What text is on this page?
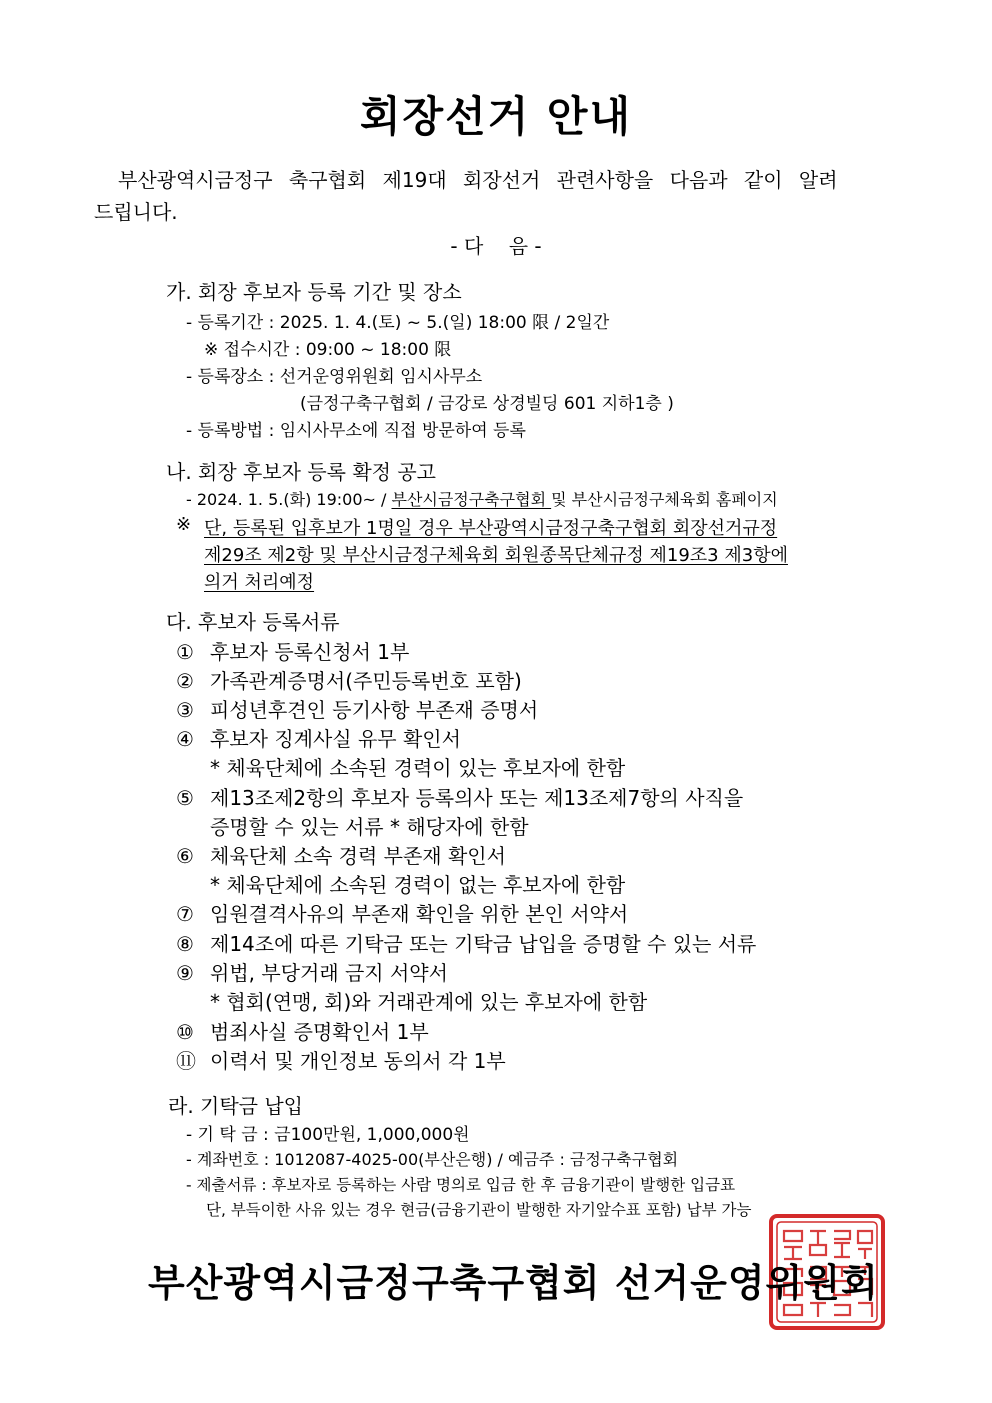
회장선거 안내
부산광역시금정구 축구협회 제19대 회장선거 관련사항을 다음과 같이 알려
드립니다.
- 다    음 -
가. 회장 후보자 등록 기간 및 장소
- 등록기간 : 2025. 1. 4.(토) ~ 5.(일) 18:00 限 / 2일간
※ 접수시간 : 09:00 ~ 18:00 限
- 등록장소 : 선거운영위원회 임시사무소
(금정구축구협회 / 금강로 상경빌딩 601 지하1층 )
- 등록방법 : 임시사무소에 직접 방문하여 등록
나. 회장 후보자 등록 확정 공고
- 2024. 1. 5.(화) 19:00~ / 부산시금정구축구협회 및 부산시금정구체육회 홈페이지
※ 단, 등록된 입후보가 1명일 경우 부산광역시금정구축구협회 회장선거규정
제29조 제2항 및 부산시금정구체육회 회원종목단체규정 제19조3 제3항에
의거 처리예정
다. 후보자 등록서류
① 후보자 등록신청서 1부
② 가족관계증명서(주민등록번호 포함)
③ 피성년후견인 등기사항 부존재 증명서
④ 후보자 징계사실 유무 확인서
* 체육단체에 소속된 경력이 있는 후보자에 한함
⑤ 제13조제2항의 후보자 등록의사 또는 제13조제7항의 사직을
증명할 수 있는 서류 * 해당자에 한함
⑥ 체육단체 소속 경력 부존재 확인서
* 체육단체에 소속된 경력이 없는 후보자에 한함
⑦ 임원결격사유의 부존재 확인을 위한 본인 서약서
⑧ 제14조에 따른 기탁금 또는 기탁금 납입을 증명할 수 있는 서류
⑨ 위법, 부당거래 금지 서약서
* 협회(연맹, 회)와 거래관계에 있는 후보자에 한함
⑩ 범죄사실 증명확인서 1부
⑪ 이력서 및 개인정보 동의서 각 1부
라. 기탁금 납입
- 기 탁 금 : 금100만원, 1,000,000원
- 계좌번호 : 1012087-4025-00(부산은행) / 예금주 : 금정구축구협회
- 제출서류 : 후보자로 등록하는 사람 명의로 입금 한 후 금융기관이 발행한 입금표
단, 부득이한 사유 있는 경우 현금(금융기관이 발행한 자기앞수표 포함) 납부 가능
부산광역시금정구축구협회 선거운영위원회
